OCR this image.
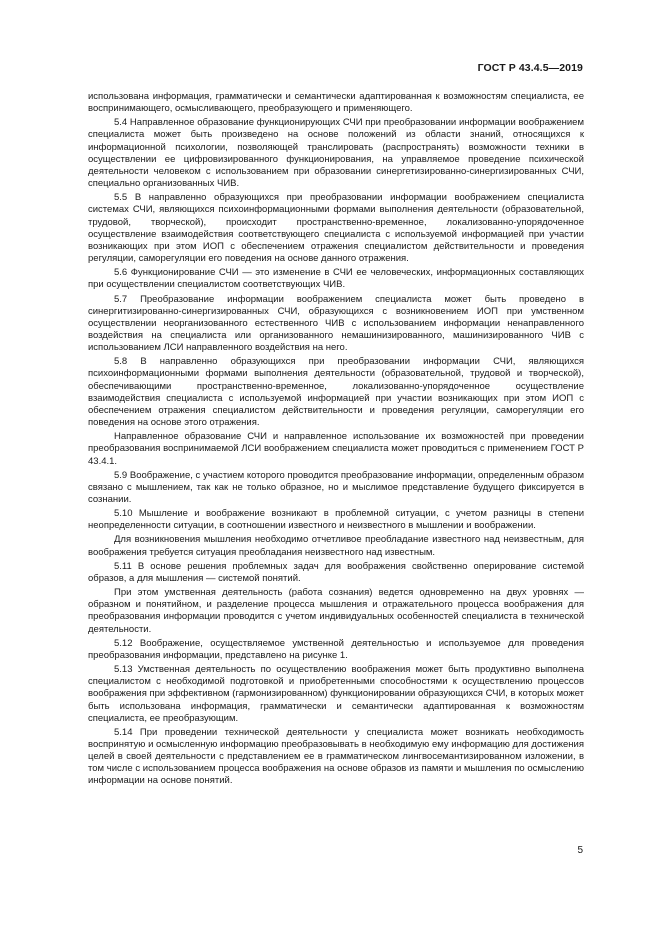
ГОСТ Р 43.4.5—2019

использована информация, грамматически и семантически адаптированная к возможностям специалиста, ее воспринимающего, осмысливающего, преобразующего и применяющего.

5.4 Направленное образование функционирующих СЧИ при преобразовании информации воображением специалиста может быть произведено на основе положений из области знаний, относящихся к информационной психологии, позволяющей транслировать (распространять) возможности техники в осуществлении ее цифровизированного функционирования, на управляемое проведение психической деятельности человеком с использованием при образовании синергетизированно-синергизированных СЧИ, специально организованных ЧИВ.

5.5 В направленно образующихся при преобразовании информации воображением специалиста системах СЧИ, являющихся психоинформационными формами выполнения деятельности (образовательной, трудовой, творческой), происходит пространственно-временное, локализованно-упорядоченное осуществление взаимодействия соответствующего специалиста с используемой информацией при участии возникающих при этом ИОП с обеспечением отражения специалистом действительности и проведения регуляции, саморегуляции его поведения на основе данного отражения.

5.6 Функционирование СЧИ — это изменение в СЧИ ее человеческих, информационных составляющих при осуществлении специалистом соответствующих ЧИВ.

5.7 Преобразование информации воображением специалиста может быть проведено в синергитизированно-синергизированных СЧИ, образующихся с возникновением ИОП при умственном осуществлении неорганизованного естественного ЧИВ с использованием информации ненаправленного воздействия на специалиста или организованного немашинизированного, машинизированного ЧИВ с использованием ЛСИ направленного воздействия на него.

5.8 В направленно образующихся при преобразовании информации СЧИ, являющихся психоинформационными формами выполнения деятельности (образовательной, трудовой и творческой), обеспечивающими пространственно-временное, локализованно-упорядоченное осуществление взаимодействия специалиста с используемой информацией при участии возникающих при этом ИОП с обеспечением отражения специалистом действительности и проведения регуляции, саморегуляции его поведения на основе этого отражения.

Направленное образование СЧИ и направленное использование их возможностей при проведении преобразования воспринимаемой ЛСИ воображением специалиста может проводиться с применением ГОСТ Р 43.4.1.

5.9 Воображение, с участием которого проводится преобразование информации, определенным образом связано с мышлением, так как не только образное, но и мыслимое представление будущего фиксируется в сознании.

5.10 Мышление и воображение возникают в проблемной ситуации, с учетом разницы в степени неопределенности ситуации, в соотношении известного и неизвестного в мышлении и воображении.

Для возникновения мышления необходимо отчетливое преобладание известного над неизвестным, для воображения требуется ситуация преобладания неизвестного над известным.

5.11 В основе решения проблемных задач для воображения свойственно оперирование системой образов, а для мышления — системой понятий.

При этом умственная деятельность (работа сознания) ведется одновременно на двух уровнях — образном и понятийном, и разделение процесса мышления и отражательного процесса воображения для преобразования информации проводится с учетом индивидуальных особенностей специалиста в технической деятельности.

5.12 Воображение, осуществляемое умственной деятельностью и используемое для проведения преобразования информации, представлено на рисунке 1.

5.13 Умственная деятельность по осуществлению воображения может быть продуктивно выполнена специалистом с необходимой подготовкой и приобретенными способностями к осуществлению процессов воображения при эффективном (гармонизированном) функционировании образующихся СЧИ, в которых может быть использована информация, грамматически и семантически адаптированная к возможностям специалиста, ее преобразующим.

5.14 При проведении технической деятельности у специалиста может возникать необходимость воспринятую и осмысленную информацию преобразовывать в необходимую ему информацию для достижения целей в своей деятельности с представлением ее в грамматическом лингвосемантизированном изложении, в том числе с использованием процесса воображения на основе образов из памяти и мышления по осмыслению информации на основе понятий.

5
